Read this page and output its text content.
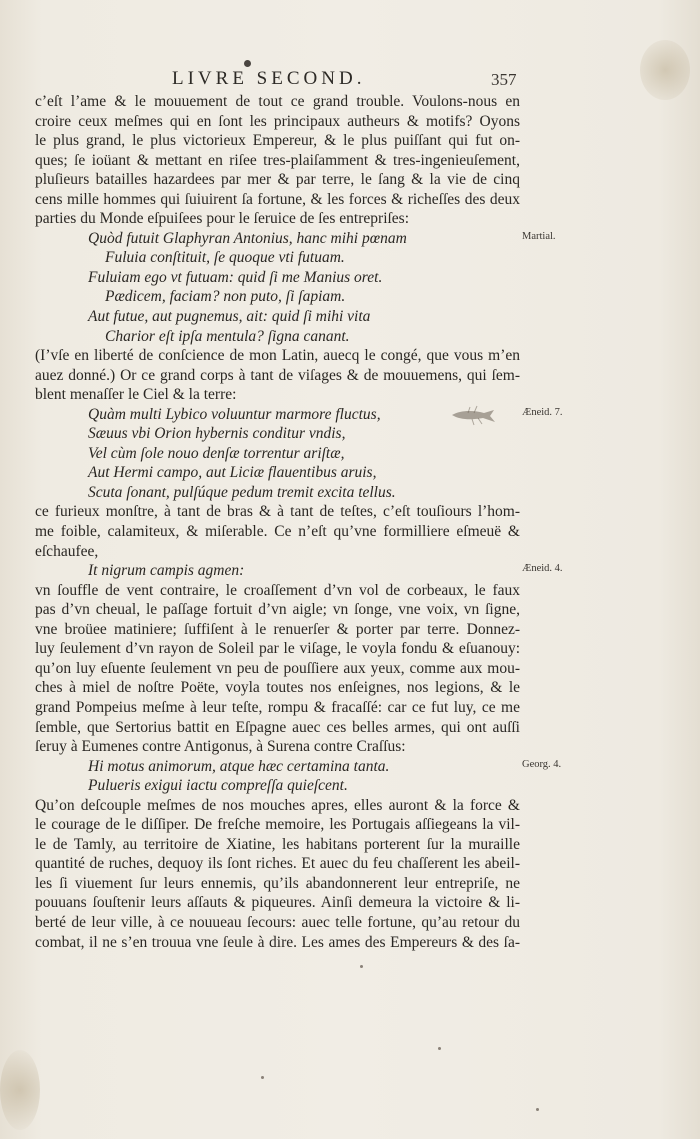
LIVRE SECOND.	357
c’eſt l’ame & le mouuement de tout ce grand trouble. Voulons-nous en
croire ceux meſmes qui en ſont les principaux autheurs & motifs? Oyons
le plus grand, le plus victorieux Empereur, & le plus puiſſant qui fut on-
ques; ſe ioüant & mettant en riſee tres-plaiſamment & tres-ingenieuſement,
pluſieurs batailles hazardees par mer & par terre, le ſang & la vie de cinq
cens mille hommes qui ſuiuirent ſa fortune, & les forces & richeſſes des deux
parties du Monde eſpuiſees pour le ſeruice de ſes entrepriſes:
Quòd futuit Glaphyran Antonius, hanc mihi pœnam
Fuluia conſtituit, ſe quoque vti futuam.
Fuluiam ego vt futuam: quid ſi me Manius oret.
Pædicem, faciam? non puto, ſi ſapiam.
Aut futue, aut pugnemus, ait: quid ſi mihi vita
Charior eſt ipſa mentula? ſigna canant.
(I’vſe en liberté de conſcience de mon Latin, auecq le congé, que vous m’en
auez donné.) Or ce grand corps à tant de viſages & de mouuemens, qui ſem-
blent menaſſer le Ciel & la terre:
Quàm multi Lybico voluuntur marmore fluctus,
Sæuus vbi Orion hybernis conditur vndis,
Vel cùm ſole nouo denſæ torrentur ariſtæ,
Aut Hermi campo, aut Liciæ flauentibus aruis,
Scuta ſonant, pulſúque pedum tremit excita tellus.
ce furieux monſtre, à tant de bras & à tant de teſtes, c’eſt touſiours l’hom-
me foible, calamiteux, & miſerable. Ce n’eſt qu’vne formilliere eſmeuë &
eſchaufee,
It nigrum campis agmen:
vn ſouffle de vent contraire, le croaſſement d’vn vol de corbeaux, le faux
pas d’vn cheual, le paſſage fortuit d’vn aigle; vn ſonge, vne voix, vn ſigne,
vne broüee matiniere; ſuffiſent à le renuerſer & porter par terre. Donnez-
luy ſeulement d’vn rayon de Soleil par le viſage, le voyla fondu & eſuanouy:
qu’on luy eſuente ſeulement vn peu de pouſſiere aux yeux, comme aux mou-
ches à miel de noſtre Poëte, voyla toutes nos enſeignes, nos legions, & le
grand Pompeius meſme à leur teſte, rompu & fracaſſé: car ce fut luy, ce me
ſemble, que Sertorius battit en Eſpagne auec ces belles armes, qui ont auſſi
ſeruy à Eumenes contre Antigonus, à Surena contre Craſſus:
Hi motus animorum, atque hæc certamina tanta.
Pulueris exigui iactu compreſſa quieſcent.
Qu’on deſcouple meſmes de nos mouches apres, elles auront & la force &
le courage de le diſſiper. De freſche memoire, les Portugais aſſiegeans la vil-
le de Tamly, au territoire de Xiatine, les habitans porterent ſur la muraille
quantité de ruches, dequoy ils ſont riches. Et auec du feu chaſſerent les abeil-
les ſi viuement ſur leurs ennemis, qu’ils abandonnerent leur entrepriſe, ne
pouuans ſouſtenir leurs aſſauts & piqueures. Ainſi demeura la victoire & li-
berté de leur ville, à ce nouueau ſecours: auec telle fortune, qu’au retour du
combat, il ne s’en trouua vne ſeule à dire. Les ames des Empereurs & des ſa-
Martial.
Æneid. 7.
Æneid. 4.
Georg. 4.
